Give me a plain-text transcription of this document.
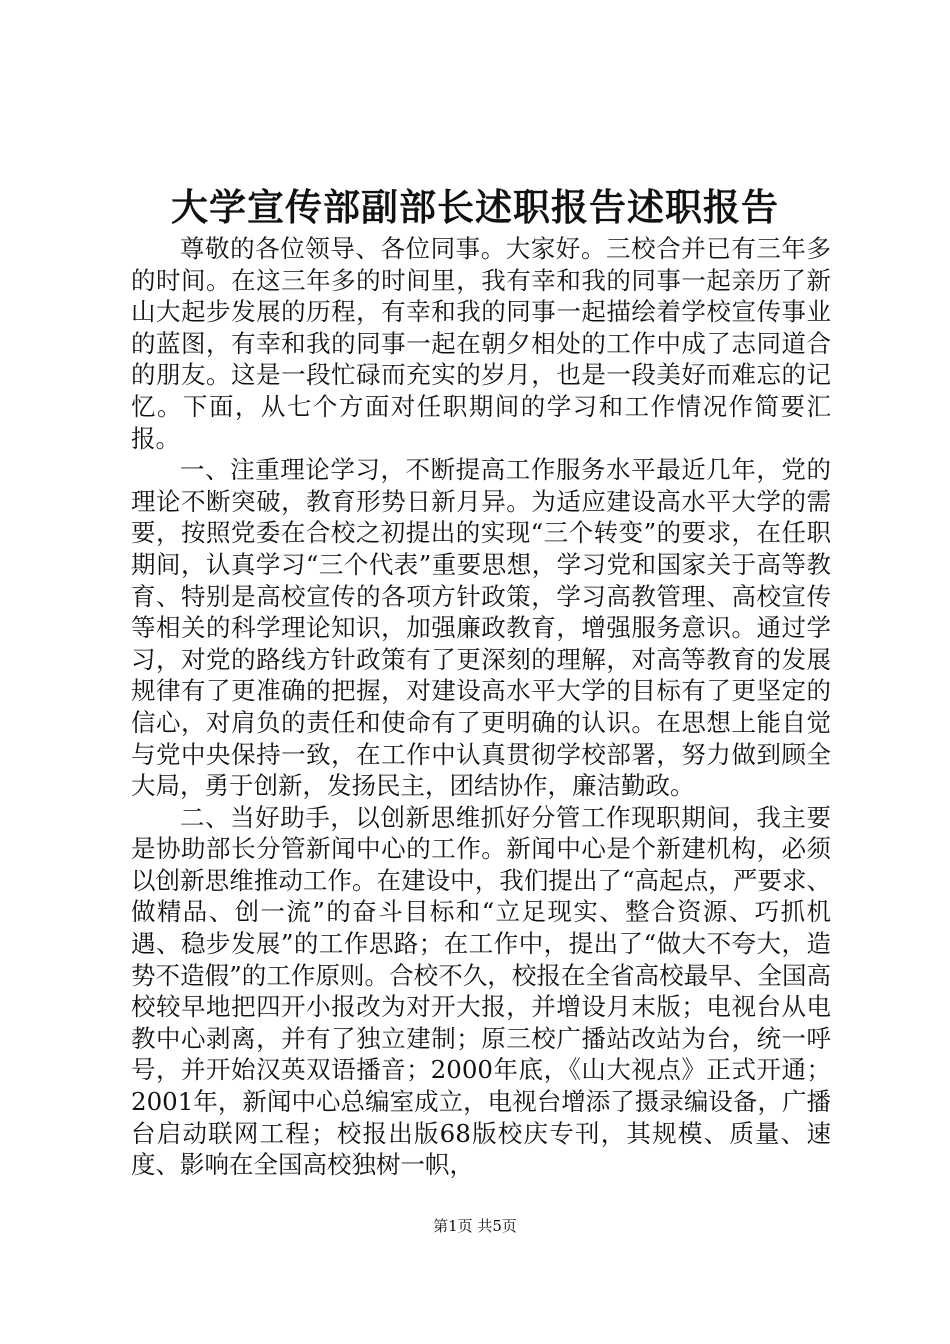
大学宣传部副部长述职报告述职报告

尊敬的各位领导、各位同事。大家好。三校合并已有三年多的时间。在这三年多的时间里，我有幸和我的同事一起亲历了新山大起步发展的历程，有幸和我的同事一起描绘着学校宣传事业的蓝图，有幸和我的同事一起在朝夕相处的工作中成了志同道合的朋友。这是一段忙碌而充实的岁月，也是一段美好而难忘的记忆。下面，从七个方面对任职期间的学习和工作情况作简要汇报。

一、注重理论学习，不断提高工作服务水平最近几年，党的理论不断突破，教育形势日新月异。为适应建设高水平大学的需要，按照党委在合校之初提出的实现“三个转变”的要求，在任职期间，认真学习“三个代表”重要思想，学习党和国家关于高等教育、特别是高校宣传的各项方针政策，学习高教管理、高校宣传等相关的科学理论知识，加强廉政教育，增强服务意识。通过学习，对党的路线方针政策有了更深刻的理解，对高等教育的发展规律有了更准确的把握，对建设高水平大学的目标有了更坚定的信心，对肩负的责任和使命有了更明确的认识。在思想上能自觉与党中央保持一致，在工作中认真贯彻学校部署，努力做到顾全大局，勇于创新，发扬民主，团结协作，廉洁勤政。

二、当好助手，以创新思维抓好分管工作现职期间，我主要是协助部长分管新闻中心的工作。新闻中心是个新建机构，必须以创新思维推动工作。在建设中，我们提出了“高起点，严要求、做精品、创一流”的奋斗目标和“立足现实、整合资源、巧抓机遇、稳步发展”的工作思路；在工作中，提出了“做大不夸大，造势不造假”的工作原则。合校不久，校报在全省高校最早、全国高校较早地把四开小报改为对开大报，并增设月末版；电视台从电教中心剥离，并有了独立建制；原三校广播站改站为台，统一呼号，并开始汉英双语播音；2000年底，《山大视点》正式开通；2001年，新闻中心总编室成立，电视台增添了摄录编设备，广播台启动联网工程；校报出版68版校庆专刊，其规模、质量、速度、影响在全国高校独树一帜，

第1页 共5页
